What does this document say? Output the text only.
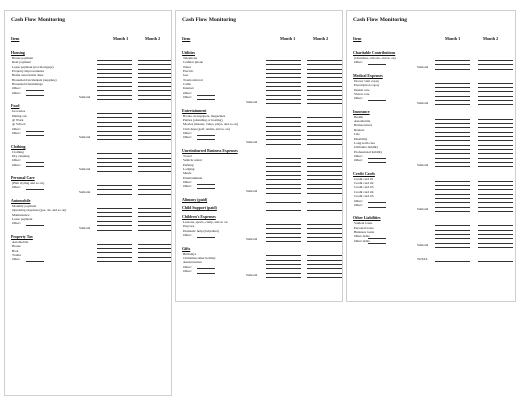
Cash Flow Monitoring
Item	Month 1	Month 2
Housing
House payment
Rent payment
Lease payment (not mortgage)
Property improvements
Home association dues
Household incidentals (supplies)
Household furnishings
Other:
Other:
Subtotal
Food
Groceries
Dining out
@ Work
@ School
Other:
Other:
Subtotal
Clothing
Clothing
Dry cleaning
Other:
Other:
Subtotal
Personal Care
(Hair styling and so on)
Other:
Subtotal
Automobile
Monthly payment
Operating expenses (gas, oil, and so on)
Maintenance
Lease payment
Other:
Subtotal
Property Tax
Automobile
House
Boat
Trailer
Other
Cash Flow Monitoring
Item	Month 1	Month 2
Utilities
Telephone
Cellular phone
Water
Electric
Gas
Trash removal
Cable
Internet
Other:
Other:
Subtotal
Entertainment
Books, newspapers, magazines
Parties (attending or hosting)
Movies (theater, video, plays, and so on)
Club dues (golf, tennis, and so on)
Other:
Other:
Subtotal
Unreimbursed Business Expenses
Travel
Vehicle rental
Parking
Lodging
Meals
Entertainment
Other:
Other:
Subtotal
Alimony (paid)
Child Support (paid)
Children's Expenses
Lessons, sports, camp, and so on
Daycare
Domestic help (babysitter)
Other:
Subtotal
Gifts
Birthdays
Christmas/other holiday
Anniversaries
Other:
Other:
Subtotal
Cash Flow Monitoring
Item	Month 1	Month 2
Charitable Contributions
(Churches, schools, and so on)
Other:
Subtotal
Medical Expenses
Doctor visit copay
Prescription copay
Dental care
Vision care
Other:
Subtotal
Insurance
Health
Automobile
Homeowners
Renters
Life
Disability
Long-term care
Umbrella liability
Professional liability
Other:
Other:
Subtotal
Credit Cards
Credit card #1
Credit card #2
Credit card #3
Credit card #4
Credit card #5
Other:
Other:
Subtotal
Other Liabilities
Student loans
Personal loans
Business loans
Other debts
Other debts
Subtotal
TOTAL
